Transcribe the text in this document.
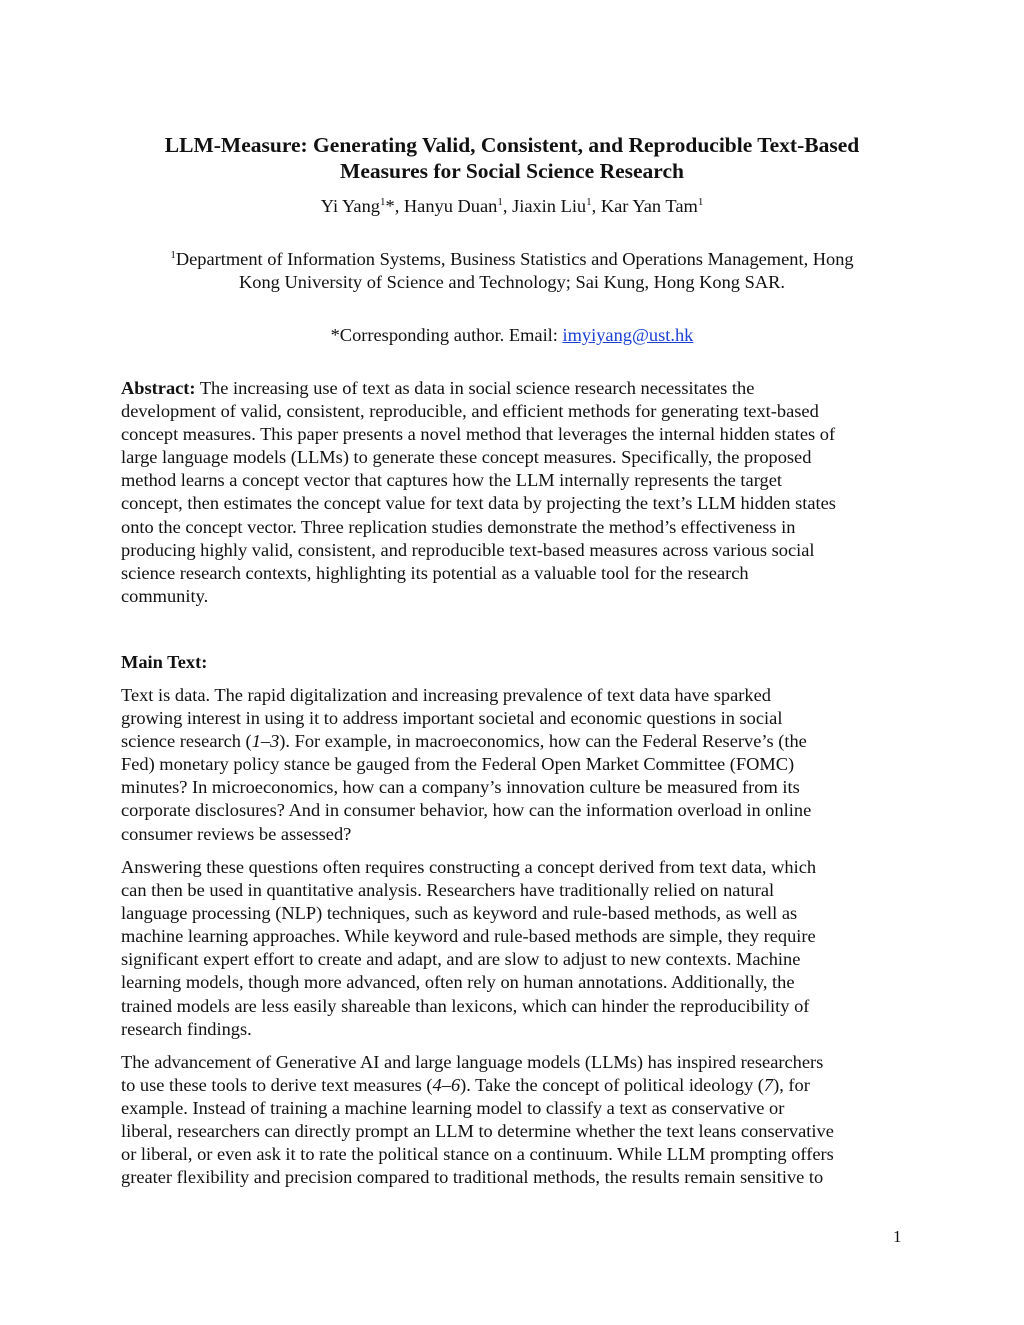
LLM-Measure: Generating Valid, Consistent, and Reproducible Text-Based
Measures for Social Science Research
Yi Yang$^1$*, Hanyu Duan$^1$, Jiaxin Liu$^1$, Kar Yan Tam$^1$
$^1$Department of Information Systems, Business Statistics and Operations Management, Hong
Kong University of Science and Technology; Sai Kung, Hong Kong SAR.
*Corresponding author. Email: imyiyang@ust.hk
Abstract: The increasing use of text as data in social science research necessitates the
development of valid, consistent, reproducible, and efficient methods for generating text-based
concept measures. This paper presents a novel method that leverages the internal hidden states of
large language models (LLMs) to generate these concept measures. Specifically, the proposed
method learns a concept vector that captures how the LLM internally represents the target
concept, then estimates the concept value for text data by projecting the text’s LLM hidden states
onto the concept vector. Three replication studies demonstrate the method’s effectiveness in
producing highly valid, consistent, and reproducible text-based measures across various social
science research contexts, highlighting its potential as a valuable tool for the research
community.
Main Text:
Text is data. The rapid digitalization and increasing prevalence of text data have sparked
growing interest in using it to address important societal and economic questions in social
science research (1–3). For example, in macroeconomics, how can the Federal Reserve’s (the
Fed) monetary policy stance be gauged from the Federal Open Market Committee (FOMC)
minutes? In microeconomics, how can a company’s innovation culture be measured from its
corporate disclosures? And in consumer behavior, how can the information overload in online
consumer reviews be assessed?
Answering these questions often requires constructing a concept derived from text data, which
can then be used in quantitative analysis. Researchers have traditionally relied on natural
language processing (NLP) techniques, such as keyword and rule-based methods, as well as
machine learning approaches. While keyword and rule-based methods are simple, they require
significant expert effort to create and adapt, and are slow to adjust to new contexts. Machine
learning models, though more advanced, often rely on human annotations. Additionally, the
trained models are less easily shareable than lexicons, which can hinder the reproducibility of
research findings.
The advancement of Generative AI and large language models (LLMs) has inspired researchers
to use these tools to derive text measures (4–6). Take the concept of political ideology (7), for
example. Instead of training a machine learning model to classify a text as conservative or
liberal, researchers can directly prompt an LLM to determine whether the text leans conservative
or liberal, or even ask it to rate the political stance on a continuum. While LLM prompting offers
greater flexibility and precision compared to traditional methods, the results remain sensitive to
1
